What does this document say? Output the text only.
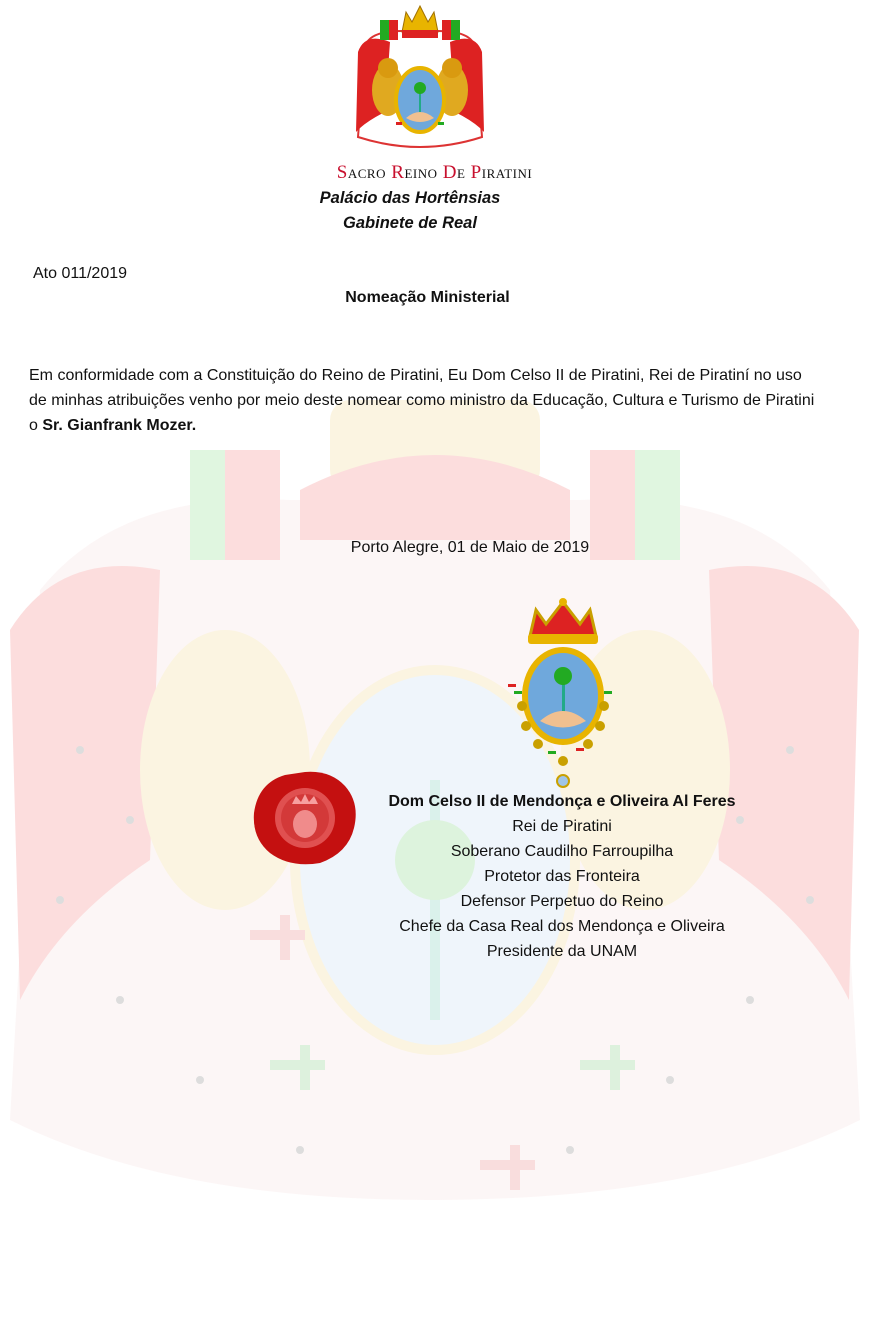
Sacro Reino De Piratini
Palácio das Hortênsias
Gabinete de Real
Ato 011/2019
Nomeação Ministerial
Em conformidade com a Constituição do Reino de Piratini, Eu Dom Celso II de Piratini, Rei de Piratiní no uso de minhas atribuições venho por meio deste nomear como ministro da Educação, Cultura e Turismo de Piratini o Sr. Gianfrank Mozer.
Porto Alegre, 01 de Maio de 2019
Dom Celso II de Mendonça e Oliveira Al Feres
Rei de Piratini
Soberano Caudilho Farroupilha
Protetor das Fronteira
Defensor Perpetuo do Reino
Chefe da Casa Real dos Mendonça e Oliveira
Presidente da UNAM
